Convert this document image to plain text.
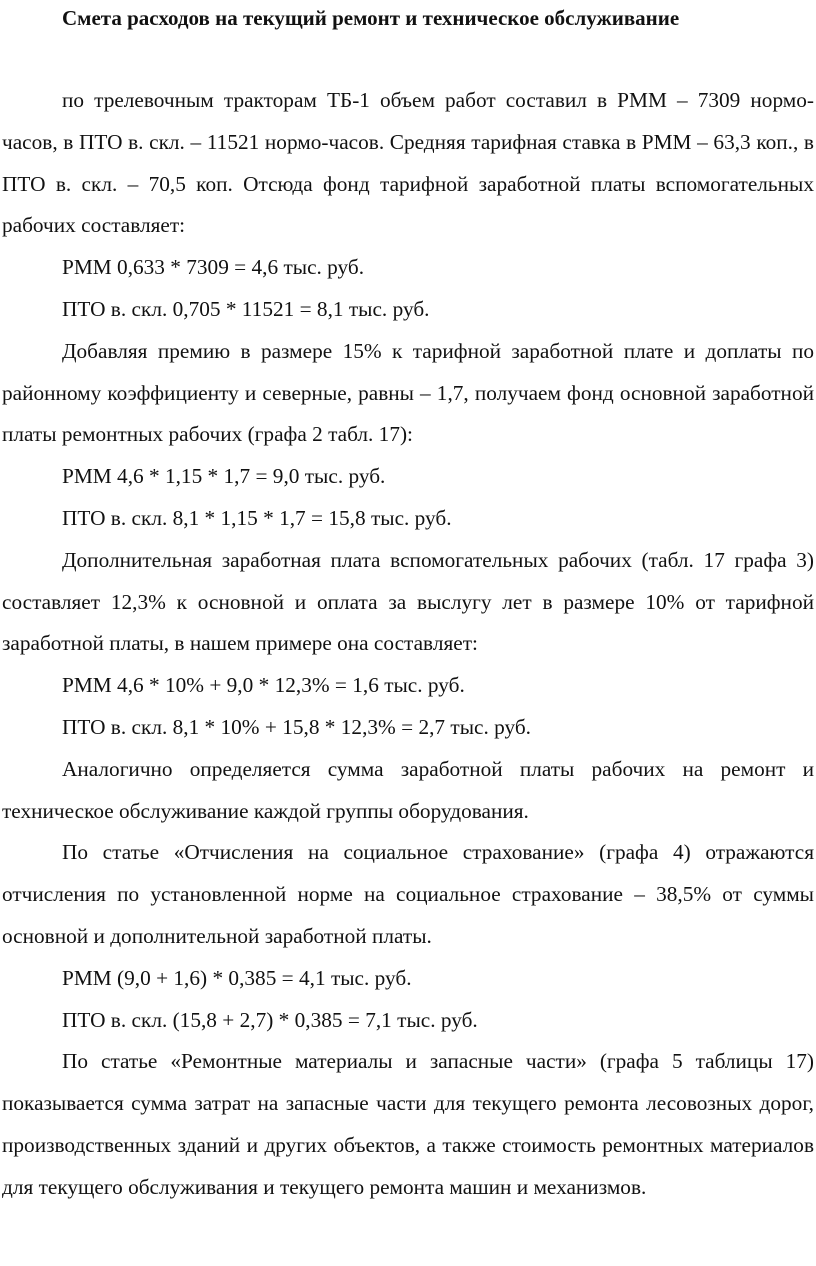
Смета расходов на текущий ремонт и техническое обслуживание

по трелевочным тракторам ТБ-1 объем работ составил в РММ – 7309 нормо-часов, в ПТО в. скл. – 11521 нормо-часов. Средняя тарифная ставка в РММ – 63,3 коп., в ПТО в. скл. – 70,5 коп. Отсюда фонд тарифной заработной платы вспомогательных рабочих составляет:

РММ 0,633 * 7309 = 4,6 тыс. руб.

ПТО в. скл. 0,705 * 11521 = 8,1 тыс. руб.

Добавляя премию в размере 15% к тарифной заработной плате и доплаты по районному коэффициенту и северные, равны – 1,7, получаем фонд основной заработной платы ремонтных рабочих (графа 2 табл. 17):

РММ 4,6 * 1,15 * 1,7 = 9,0 тыс. руб.

ПТО в. скл. 8,1 * 1,15 * 1,7 = 15,8 тыс. руб.

Дополнительная заработная плата вспомогательных рабочих (табл. 17 графа 3) составляет 12,3% к основной и оплата за выслугу лет в размере 10% от тарифной заработной платы, в нашем примере она составляет:

РММ 4,6 * 10% + 9,0 * 12,3% = 1,6 тыс. руб.

ПТО в. скл. 8,1 * 10% + 15,8 * 12,3% = 2,7 тыс. руб.

Аналогично определяется сумма заработной платы рабочих на ремонт и техническое обслуживание каждой группы оборудования.

По статье «Отчисления на социальное страхование» (графа 4) отражаются отчисления по установленной норме на социальное страхование – 38,5% от суммы основной и дополнительной заработной платы.

РММ (9,0 + 1,6) * 0,385 = 4,1 тыс. руб.

ПТО в. скл. (15,8 + 2,7) * 0,385 = 7,1 тыс. руб.

По статье «Ремонтные материалы и запасные части» (графа 5 таблицы 17) показывается сумма затрат на запасные части для текущего ремонта лесовозных дорог, производственных зданий и других объектов, а также стоимость ремонтных материалов для текущего обслуживания и текущего ремонта машин и механизмов.
